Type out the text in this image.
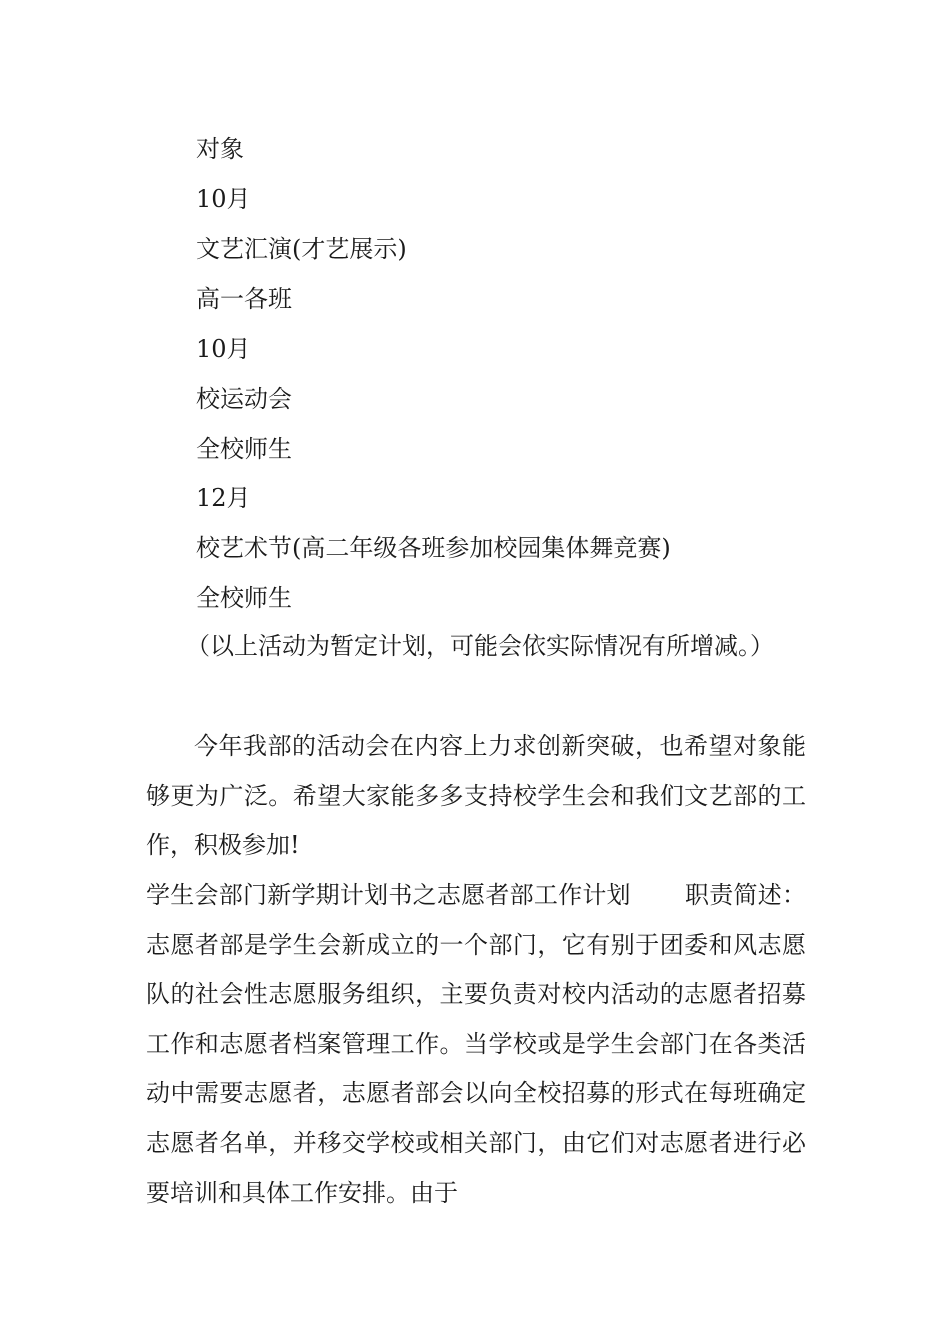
对象
10月
文艺汇演(才艺展示)
高一各班
10月
校运动会
全校师生
12月
校艺术节(高二年级各班参加校园集体舞竞赛)
全校师生
（以上活动为暂定计划，可能会依实际情况有所增减。）
今年我部的活动会在内容上力求创新突破，也希望对象能够更为广泛。希望大家能多多支持校学生会和我们文艺部的工作，积极参加!
学生会部门新学期计划书之志愿者部工作计划 职责简述：志愿者部是学生会新成立的一个部门，它有别于团委和风志愿队的社会性志愿服务组织，主要负责对校内活动的志愿者招募工作和志愿者档案管理工作。当学校或是学生会部门在各类活动中需要志愿者，志愿者部会以向全校招募的形式在每班确定志愿者名单，并移交学校或相关部门，由它们对志愿者进行必要培训和具体工作安排。由于
